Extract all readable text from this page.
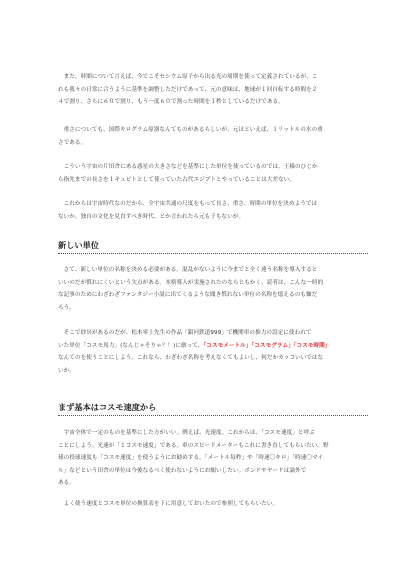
　また、時間について言えば、今でこそセシウム原子から出る光の周期を使って定義されているが、こ
れも我々の日常に合うように基準を調整しただけであって、元の意味は、地球が１回自転する時間を２
４で割り、さらに６０で割り、もう一度６０で割った時間を１秒としているだけである。
　重さについても、国際キログラム原器なんてものがあるらしいが、元はといえば、１リットルの水の重
さである。
　こういう宇宙の片田舎にある惑星の大きさなどを基準にした単位を使っているのでは、王様のひじか
ら指先までの長さを１キュビトとして使っていた古代エジプトとやっていることは大差ない。
　これからは宇宙時代なのだから、全宇宙共通の尺度をもって長さ、重さ、時間の単位を決めようでは
ないか。独自の文化を見直すべき時代、とか言われたら元も子もないが。
新しい単位
　さて、新しい単位の名称を決める必要がある。混乱がないように今までと全く違う名称を導入すると
いいのだが慣れにくいという欠点がある。本格導入が実施されたのならともかく、読者は、こんな一時的
な記事のためにわざわざファンタジー小説に出てくるような聞き慣れない単位の名称を憶えるのも嫌だ
ろう。
　そこで紗冥があるのだが、松本零士先生の作品「銀河鉄道999」で機関車の推力の設定に使われて
いた単位「コスモ馬力」(なんじゃそりゃ？！)に倣って、「コスモメートル」「コスモグラム」「コスモ時間」
なんてのを使うことにしよう。これなら、わざわざ名称を考えなくてもよいし、何だかカッコいいではな
いか。
まず基本はコスモ速度から
　宇宙全体で一定のものを基準にした方がいい。例えば、光速度。これからは、「コスモ速度」と呼ぶ
ことにしよう。光速が「１コスモ速度」である。車のスピードメーターもこれに書き直してもらいたい。野
球の投球速度も「コスモ速度」を使うようにお勧めする。「メートル毎秒」や「時速〇キロ」「時速〇マイ
ル」などという田舎の単位は今後なるべく使わないようにお願いしたい。ボンドやヤードは論外で
ある。
　よく使う速度とコスモ単位の換算表を下に用意しておいたので参照してもらいたい。
